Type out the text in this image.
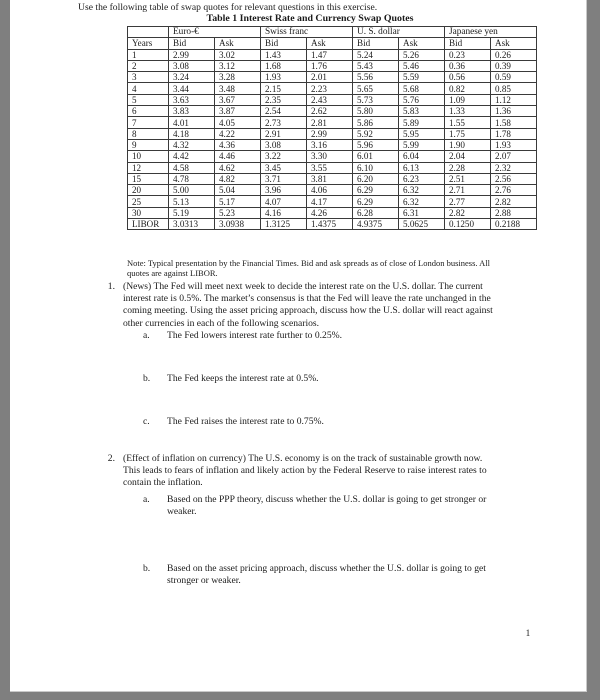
Use the following table of swap quotes for relevant questions in this exercise.
Table 1 Interest Rate and Currency Swap Quotes
	Euro-€		Swiss franc		U. S. dollar		Japanese yen	
Years	Bid	Ask	Bid	Ask	Bid	Ask	Bid	Ask
1	2.99	3.02	1.43	1.47	5.24	5.26	0.23	0.26
2	3.08	3.12	1.68	1.76	5.43	5.46	0.36	0.39
3	3.24	3.28	1.93	2.01	5.56	5.59	0.56	0.59
4	3.44	3.48	2.15	2.23	5.65	5.68	0.82	0.85
5	3.63	3.67	2.35	2.43	5.73	5.76	1.09	1.12
6	3.83	3.87	2.54	2.62	5.80	5.83	1.33	1.36
7	4.01	4.05	2.73	2.81	5.86	5.89	1.55	1.58
8	4.18	4.22	2.91	2.99	5.92	5.95	1.75	1.78
9	4.32	4.36	3.08	3.16	5.96	5.99	1.90	1.93
10	4.42	4.46	3.22	3.30	6.01	6.04	2.04	2.07
12	4.58	4.62	3.45	3.55	6.10	6.13	2.28	2.32
15	4.78	4.82	3.71	3.81	6.20	6.23	2.51	2.56
20	5.00	5.04	3.96	4.06	6.29	6.32	2.71	2.76
25	5.13	5.17	4.07	4.17	6.29	6.32	2.77	2.82
30	5.19	5.23	4.16	4.26	6.28	6.31	2.82	2.88
LIBOR	3.0313	3.0938	1.3125	1.4375	4.9375	5.0625	0.1250	0.2188
Note: Typical presentation by the Financial Times. Bid and ask spreads as of close of London business. All quotes are against LIBOR.
1. (News) The Fed will meet next week to decide the interest rate on the U.S. dollar. The current interest rate is 0.5%. The market’s consensus is that the Fed will leave the rate unchanged in the coming meeting. Using the asset pricing approach, discuss how the U.S. dollar will react against other currencies in each of the following scenarios.
a.	The Fed lowers interest rate further to 0.25%.
b.	The Fed keeps the interest rate at 0.5%.
c.	The Fed raises the interest rate to 0.75%.
2. (Effect of inflation on currency) The U.S. economy is on the track of sustainable growth now. This leads to fears of inflation and likely action by the Federal Reserve to raise interest rates to contain the inflation.
a.	Based on the PPP theory, discuss whether the U.S. dollar is going to get stronger or weaker.
b.	Based on the asset pricing approach, discuss whether the U.S. dollar is going to get stronger or weaker.
1
